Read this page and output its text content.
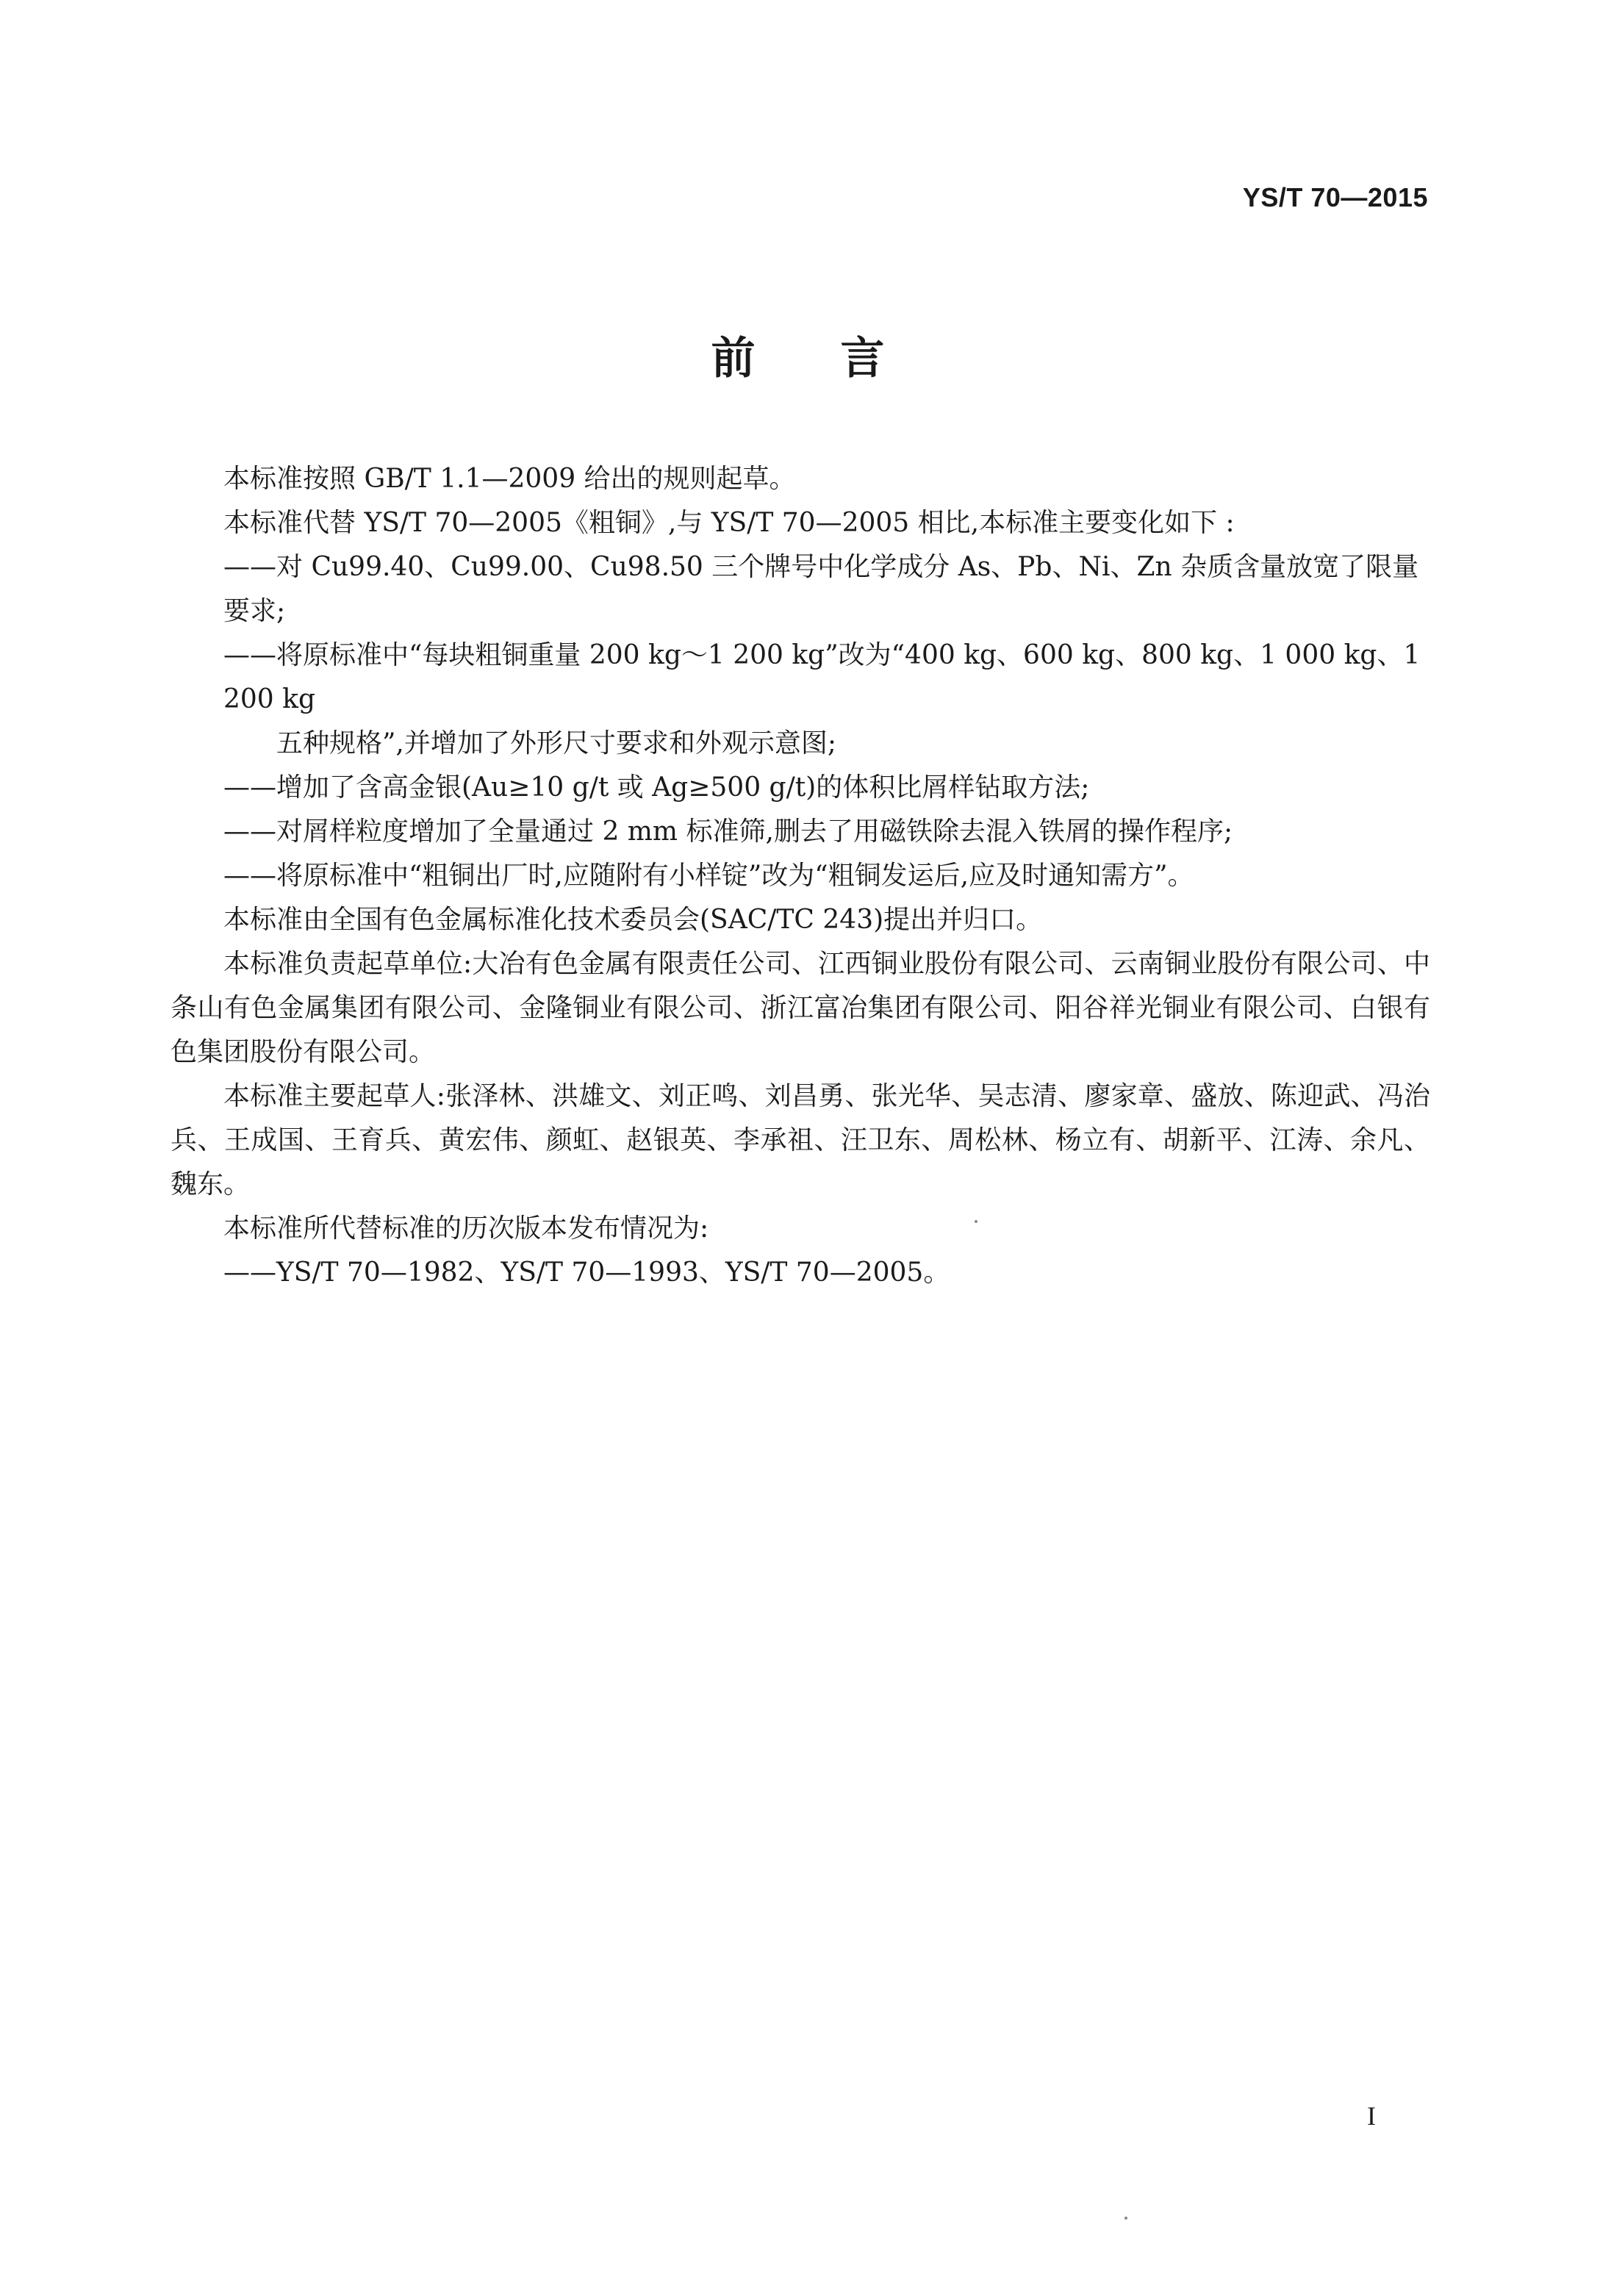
YS/T 70—2015
前 言

本标准按照 GB/T 1.1—2009 给出的规则起草。

本标准代替 YS/T 70—2005《粗铜》,与 YS/T 70—2005 相比,本标准主要变化如下 :

——对 Cu99.40、Cu99.00、Cu98.50 三个牌号中化学成分 As、Pb、Ni、Zn 杂质含量放宽了限量要求;

——将原标准中“每块粗铜重量 200 kg～1 200 kg”改为“400 kg、600 kg、800 kg、1 000 kg、1 200 kg
五种规格”,并增加了外形尺寸要求和外观示意图;

——增加了含高金银(Au≥10 g/t 或 Ag≥500 g/t)的体积比屑样钻取方法;

——对屑样粒度增加了全量通过 2 mm 标准筛,删去了用磁铁除去混入铁屑的操作程序;

——将原标准中“粗铜出厂时,应随附有小样锭”改为“粗铜发运后,应及时通知需方”。

本标准由全国有色金属标准化技术委员会(SAC/TC 243)提出并归口。

本标准负责起草单位:大冶有色金属有限责任公司、江西铜业股份有限公司、云南铜业股份有限公司、中条山有色金属集团有限公司、金隆铜业有限公司、浙江富冶集团有限公司、阳谷祥光铜业有限公司、白银有色集团股份有限公司。

本标准主要起草人:张泽林、洪雄文、刘正鸣、刘昌勇、张光华、吴志清、廖家章、盛放、陈迎武、冯治兵、王成国、王育兵、黄宏伟、颜虹、赵银英、李承祖、汪卫东、周松林、杨立有、胡新平、江涛、余凡、魏东。

本标准所代替标准的历次版本发布情况为:

——YS/T 70—1982、YS/T 70—1993、YS/T 70—2005。

I
